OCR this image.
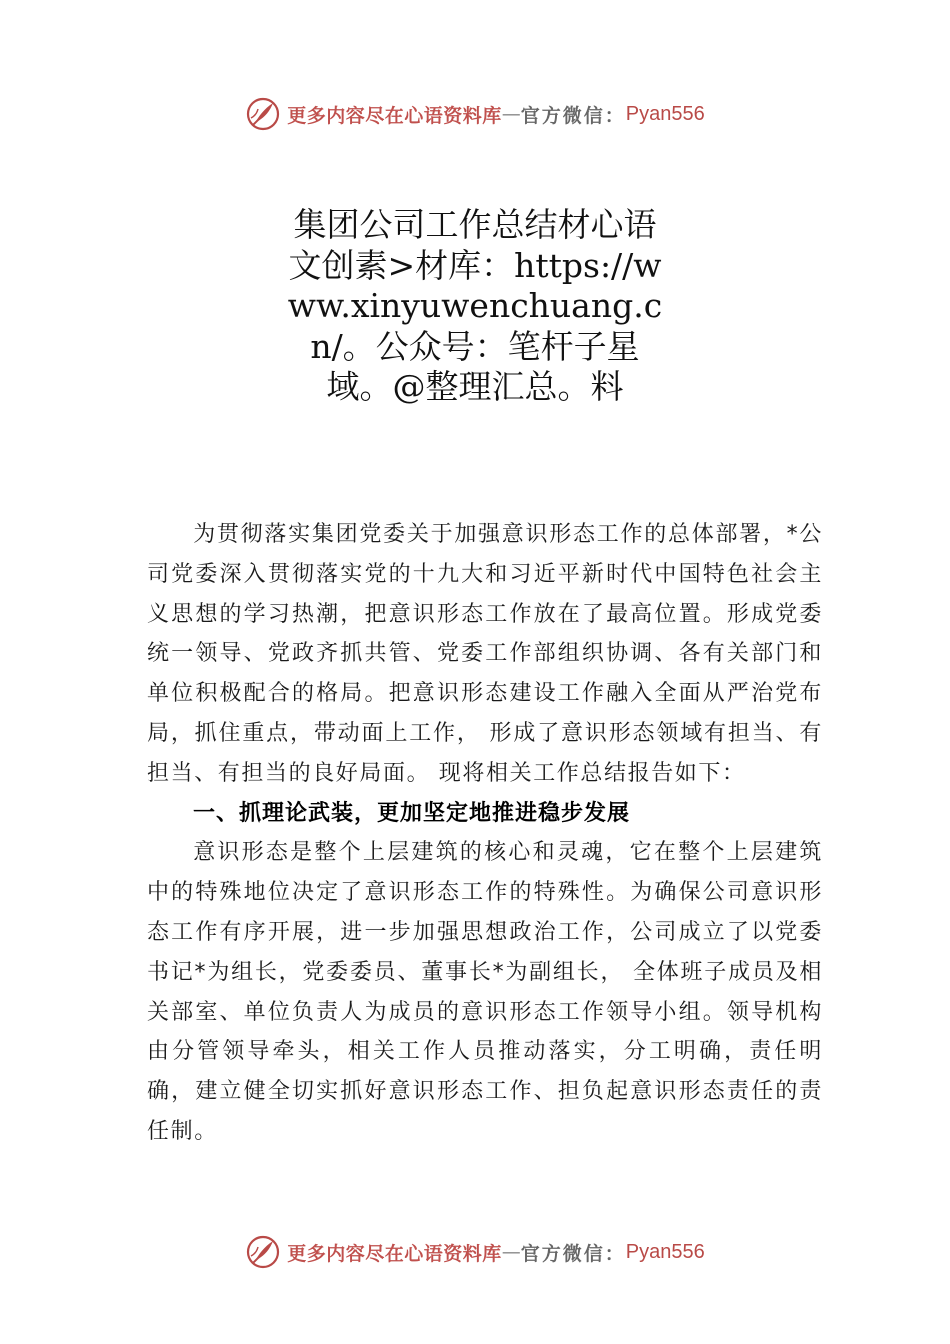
更多内容尽在心语资料库 — 官方微信： Pyan556
集团公司工作总结材心语文创素>材库：https://www.xinyuwenchuang.cn/。公众号：笔杆子星域。@整理汇总。料

为贯彻落实集团党委关于加强意识形态工作的总体部署，*公司党委深入贯彻落实党的十九大和习近平新时代中国特色社会主义思想的学习热潮，把意识形态工作放在了最高位置。形成党委统一领导、党政齐抓共管、党委工作部组织协调、各有关部门和单位积极配合的格局。把意识形态建设工作融入全面从严治党布局，抓住重点，带动面上工作， 形成了意识形态领域有担当、有担当、有担当的良好局面。 现将相关工作总结报告如下：

一、抓理论武装，更加坚定地推进稳步发展

意识形态是整个上层建筑的核心和灵魂，它在整个上层建筑中的特殊地位决定了意识形态工作的特殊性。为确保公司意识形态工作有序开展，进一步加强思想政治工作，公司成立了以党委书记*为组长，党委委员、董事长*为副组长， 全体班子成员及相关部室、单位负责人为成员的意识形态工作领导小组。领导机构由分管领导牵头，相关工作人员推动落实，分工明确，责任明确，建立健全切实抓好意识形态工作、担负起意识形态责任的责任制。

更多内容尽在心语资料库 — 官方微信： Pyan556
